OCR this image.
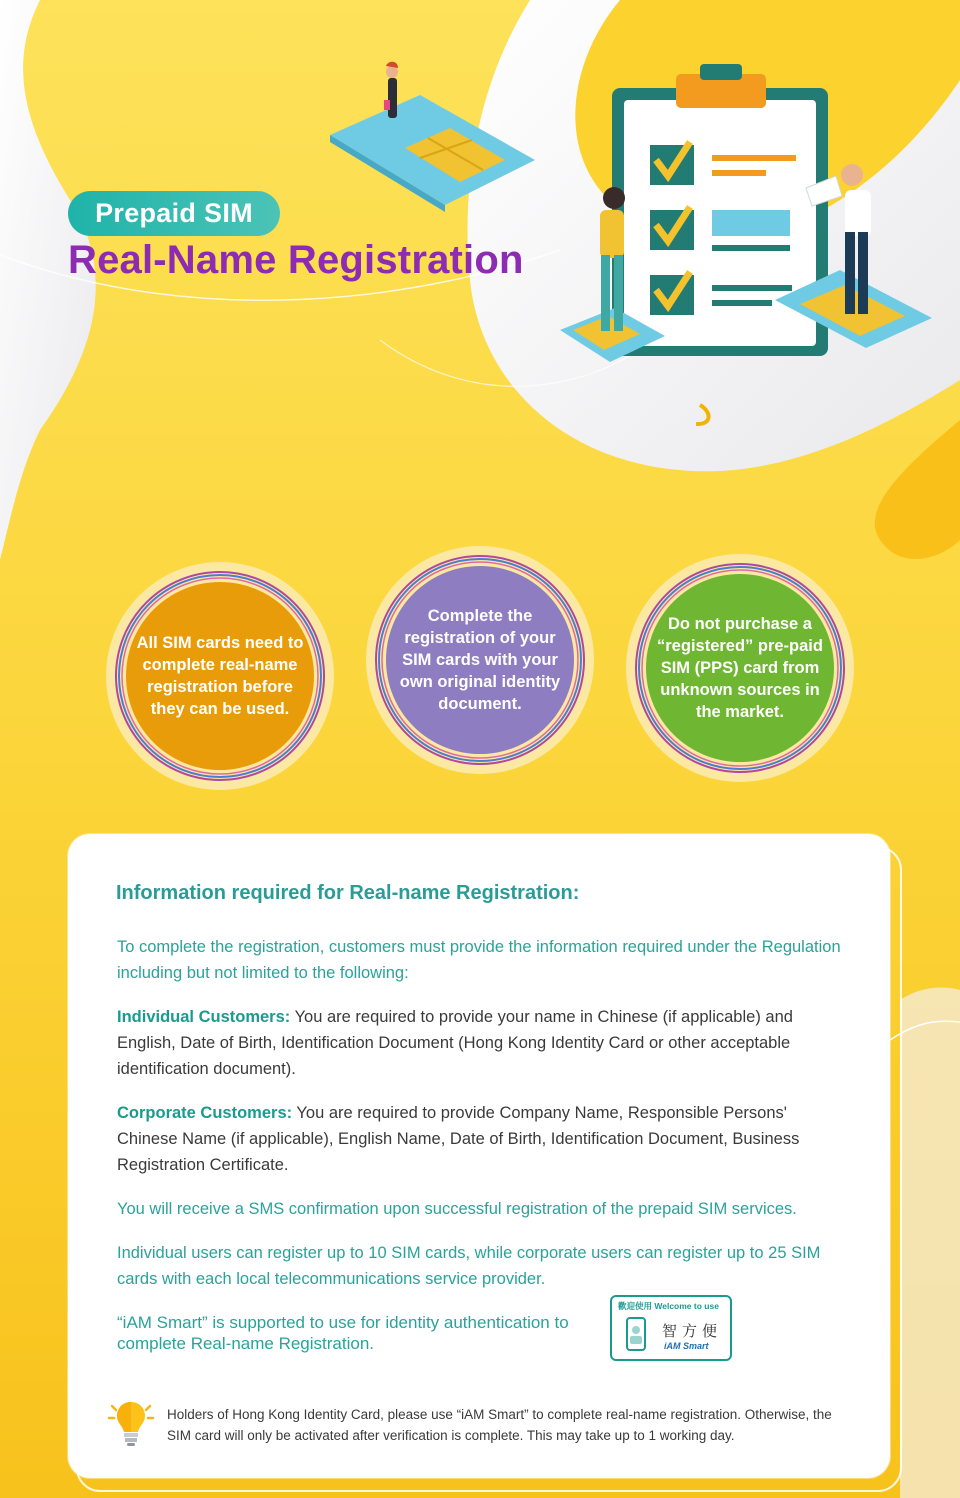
Prepaid SIM
Real-Name Registration
All SIM cards need to complete real-name registration before they can be used.
Complete the registration of your SIM cards with your own original identity document.
Do not purchase a “registered” pre-paid SIM (PPS) card from unknown sources in the market.
Information required for Real-name Registration:

To complete the registration, customers must provide the information required under the Regulation including but not limited to the following:

Individual Customers: You are required to provide your name in Chinese (if applicable) and English, Date of Birth, Identification Document (Hong Kong Identity Card or other acceptable identification document).

Corporate Customers: You are required to provide Company Name, Responsible Persons' Chinese Name (if applicable), English Name, Date of Birth, Identification Document, Business Registration Certificate.

You will receive a SMS confirmation upon successful registration of the prepaid SIM services.

Individual users can register up to 10 SIM cards, while corporate users can register up to 25 SIM cards with each local telecommunications service provider.

“iAM Smart” is supported to use for identity authentication to complete Real-name Registration.

歡迎使用 Welcome to use
智方便
iAM Smart

Holders of Hong Kong Identity Card, please use “iAM Smart” to complete real-name registration. Otherwise, the SIM card will only be activated after verification is complete. This may take up to 1 working day.
